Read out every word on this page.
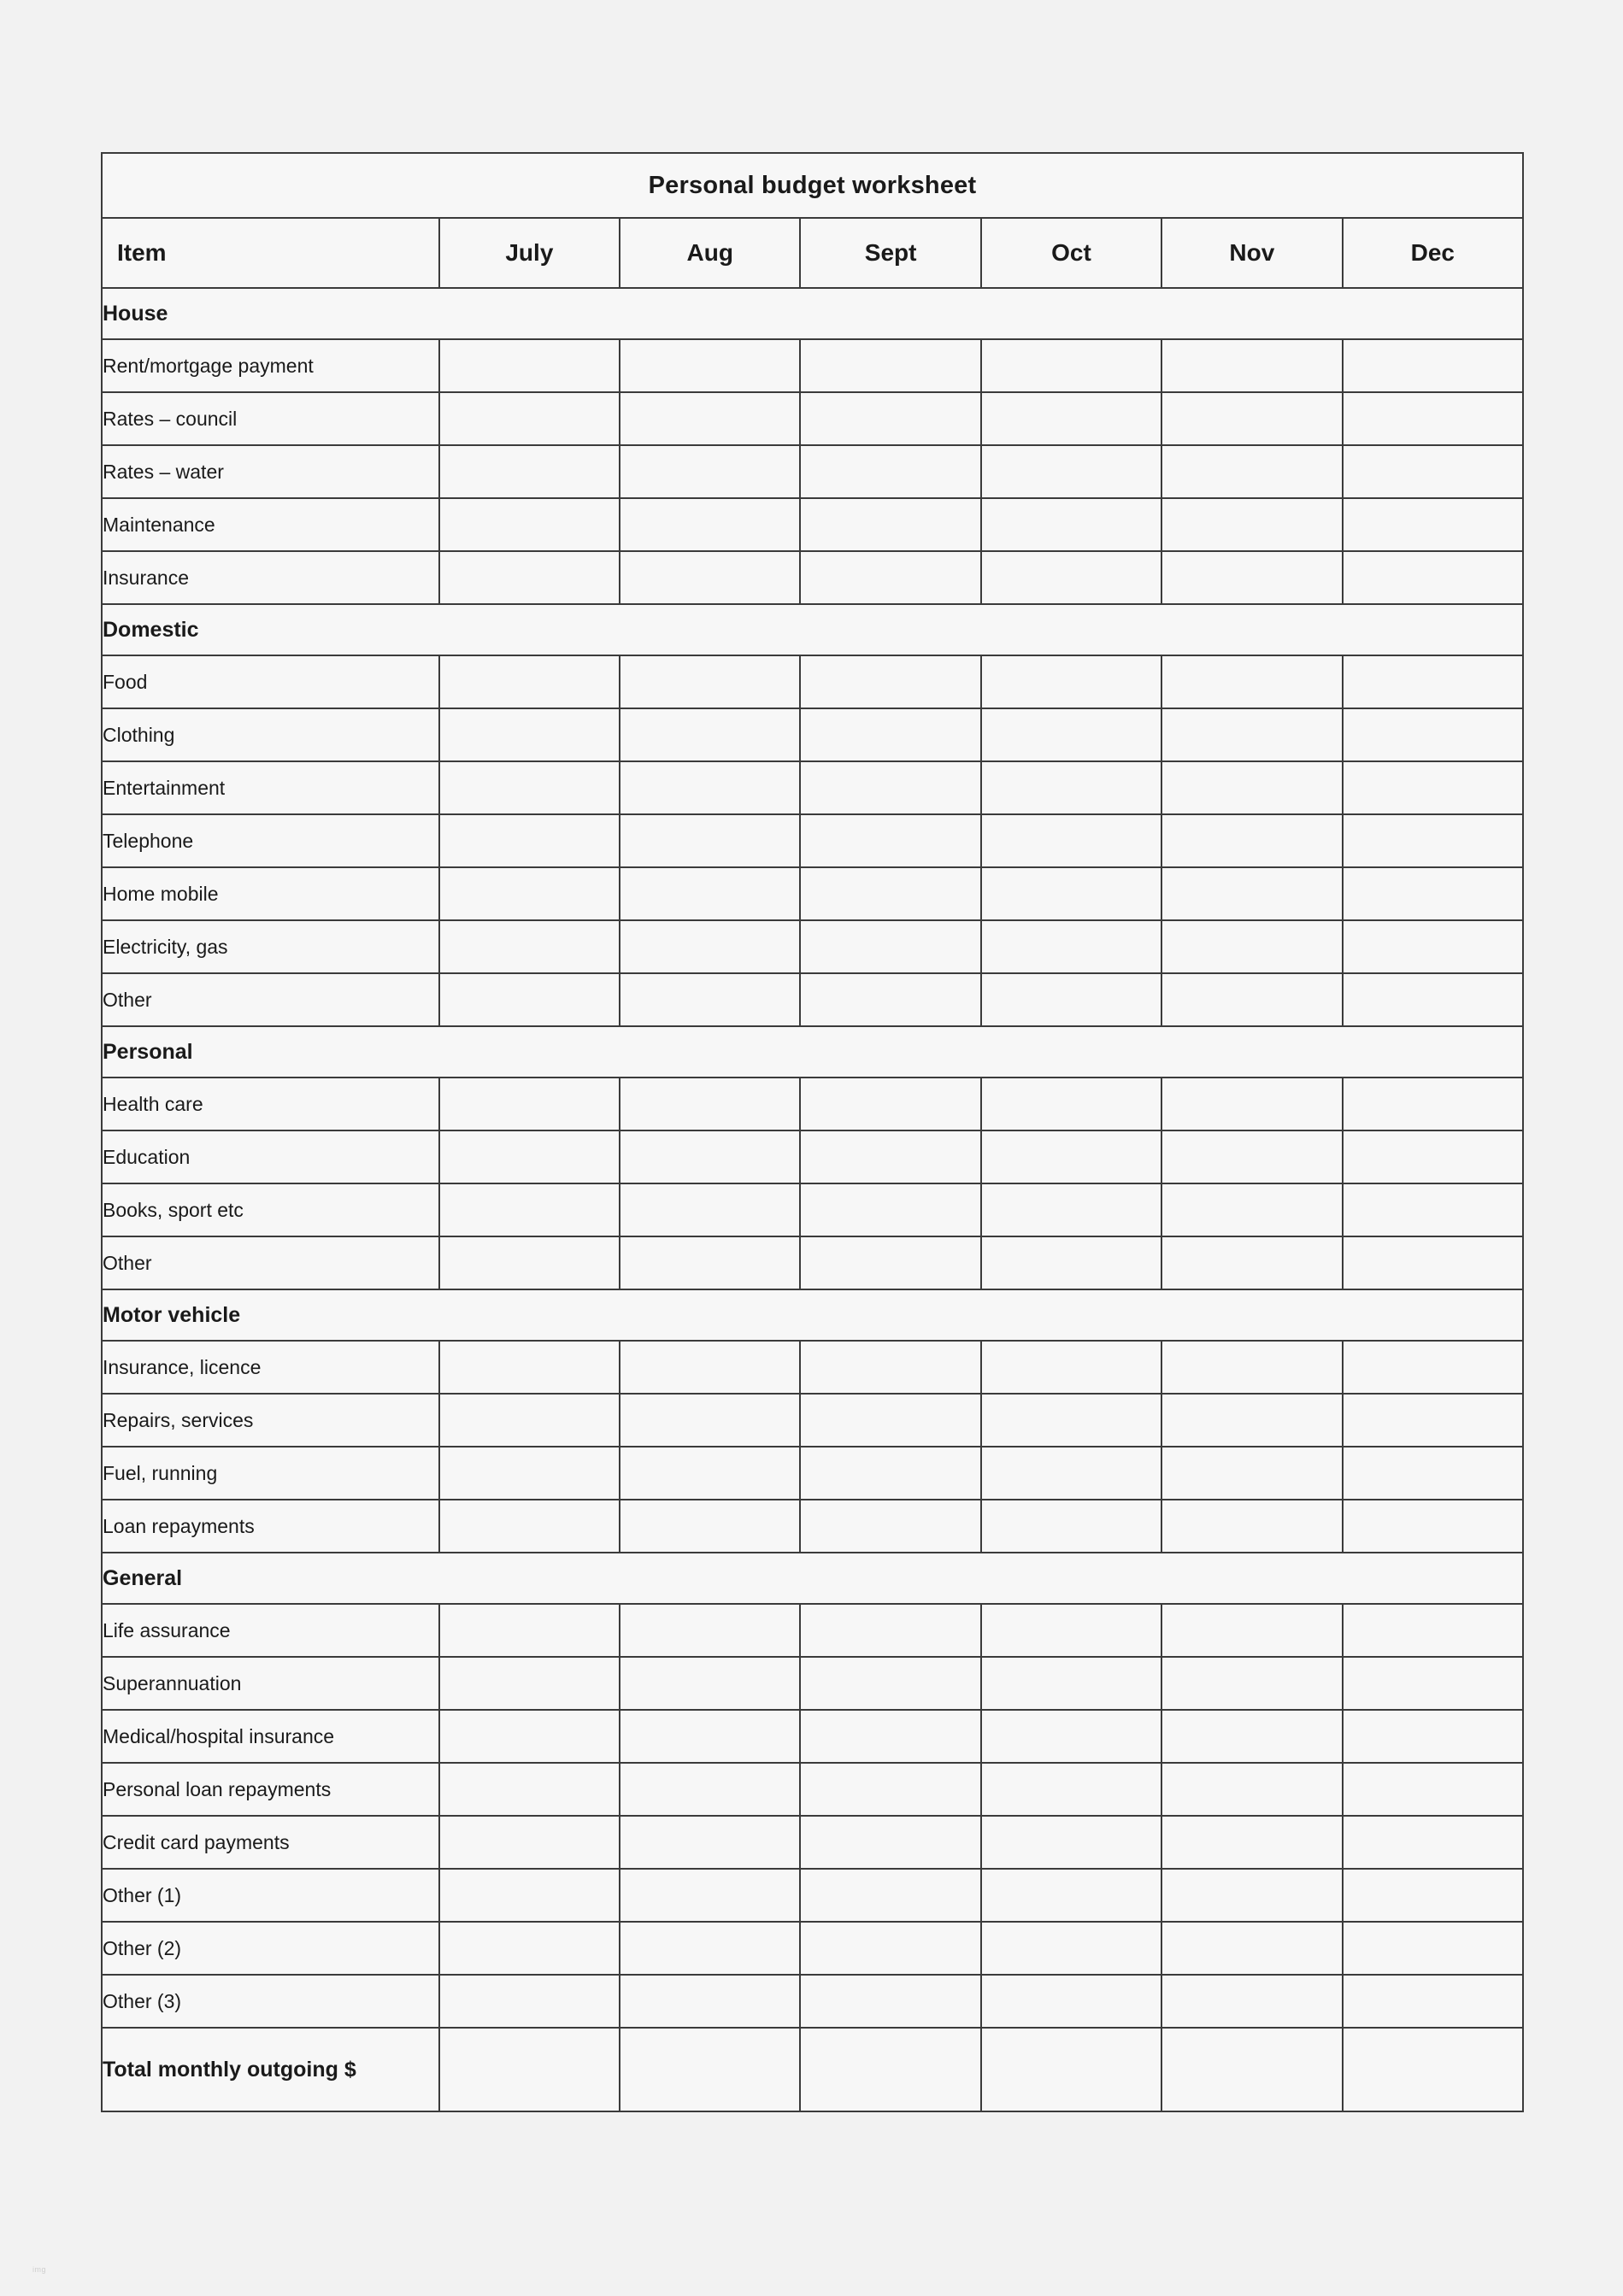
Personal budget worksheet						
Item	July	Aug	Sept	Oct	Nov	Dec
House						
Rent/mortgage payment						
Rates – council						
Rates – water						
Maintenance						
Insurance						
Domestic						
Food						
Clothing						
Entertainment						
Telephone						
Home mobile						
Electricity, gas						
Other						
Personal						
Health care						
Education						
Books, sport etc						
Other						
Motor vehicle						
Insurance, licence						
Repairs, services						
Fuel, running						
Loan repayments						
General						
Life assurance						
Superannuation						
Medical/hospital insurance						
Personal loan repayments						
Credit card payments						
Other (1)						
Other (2)						
Other (3)						
Total monthly outgoing $						
img
